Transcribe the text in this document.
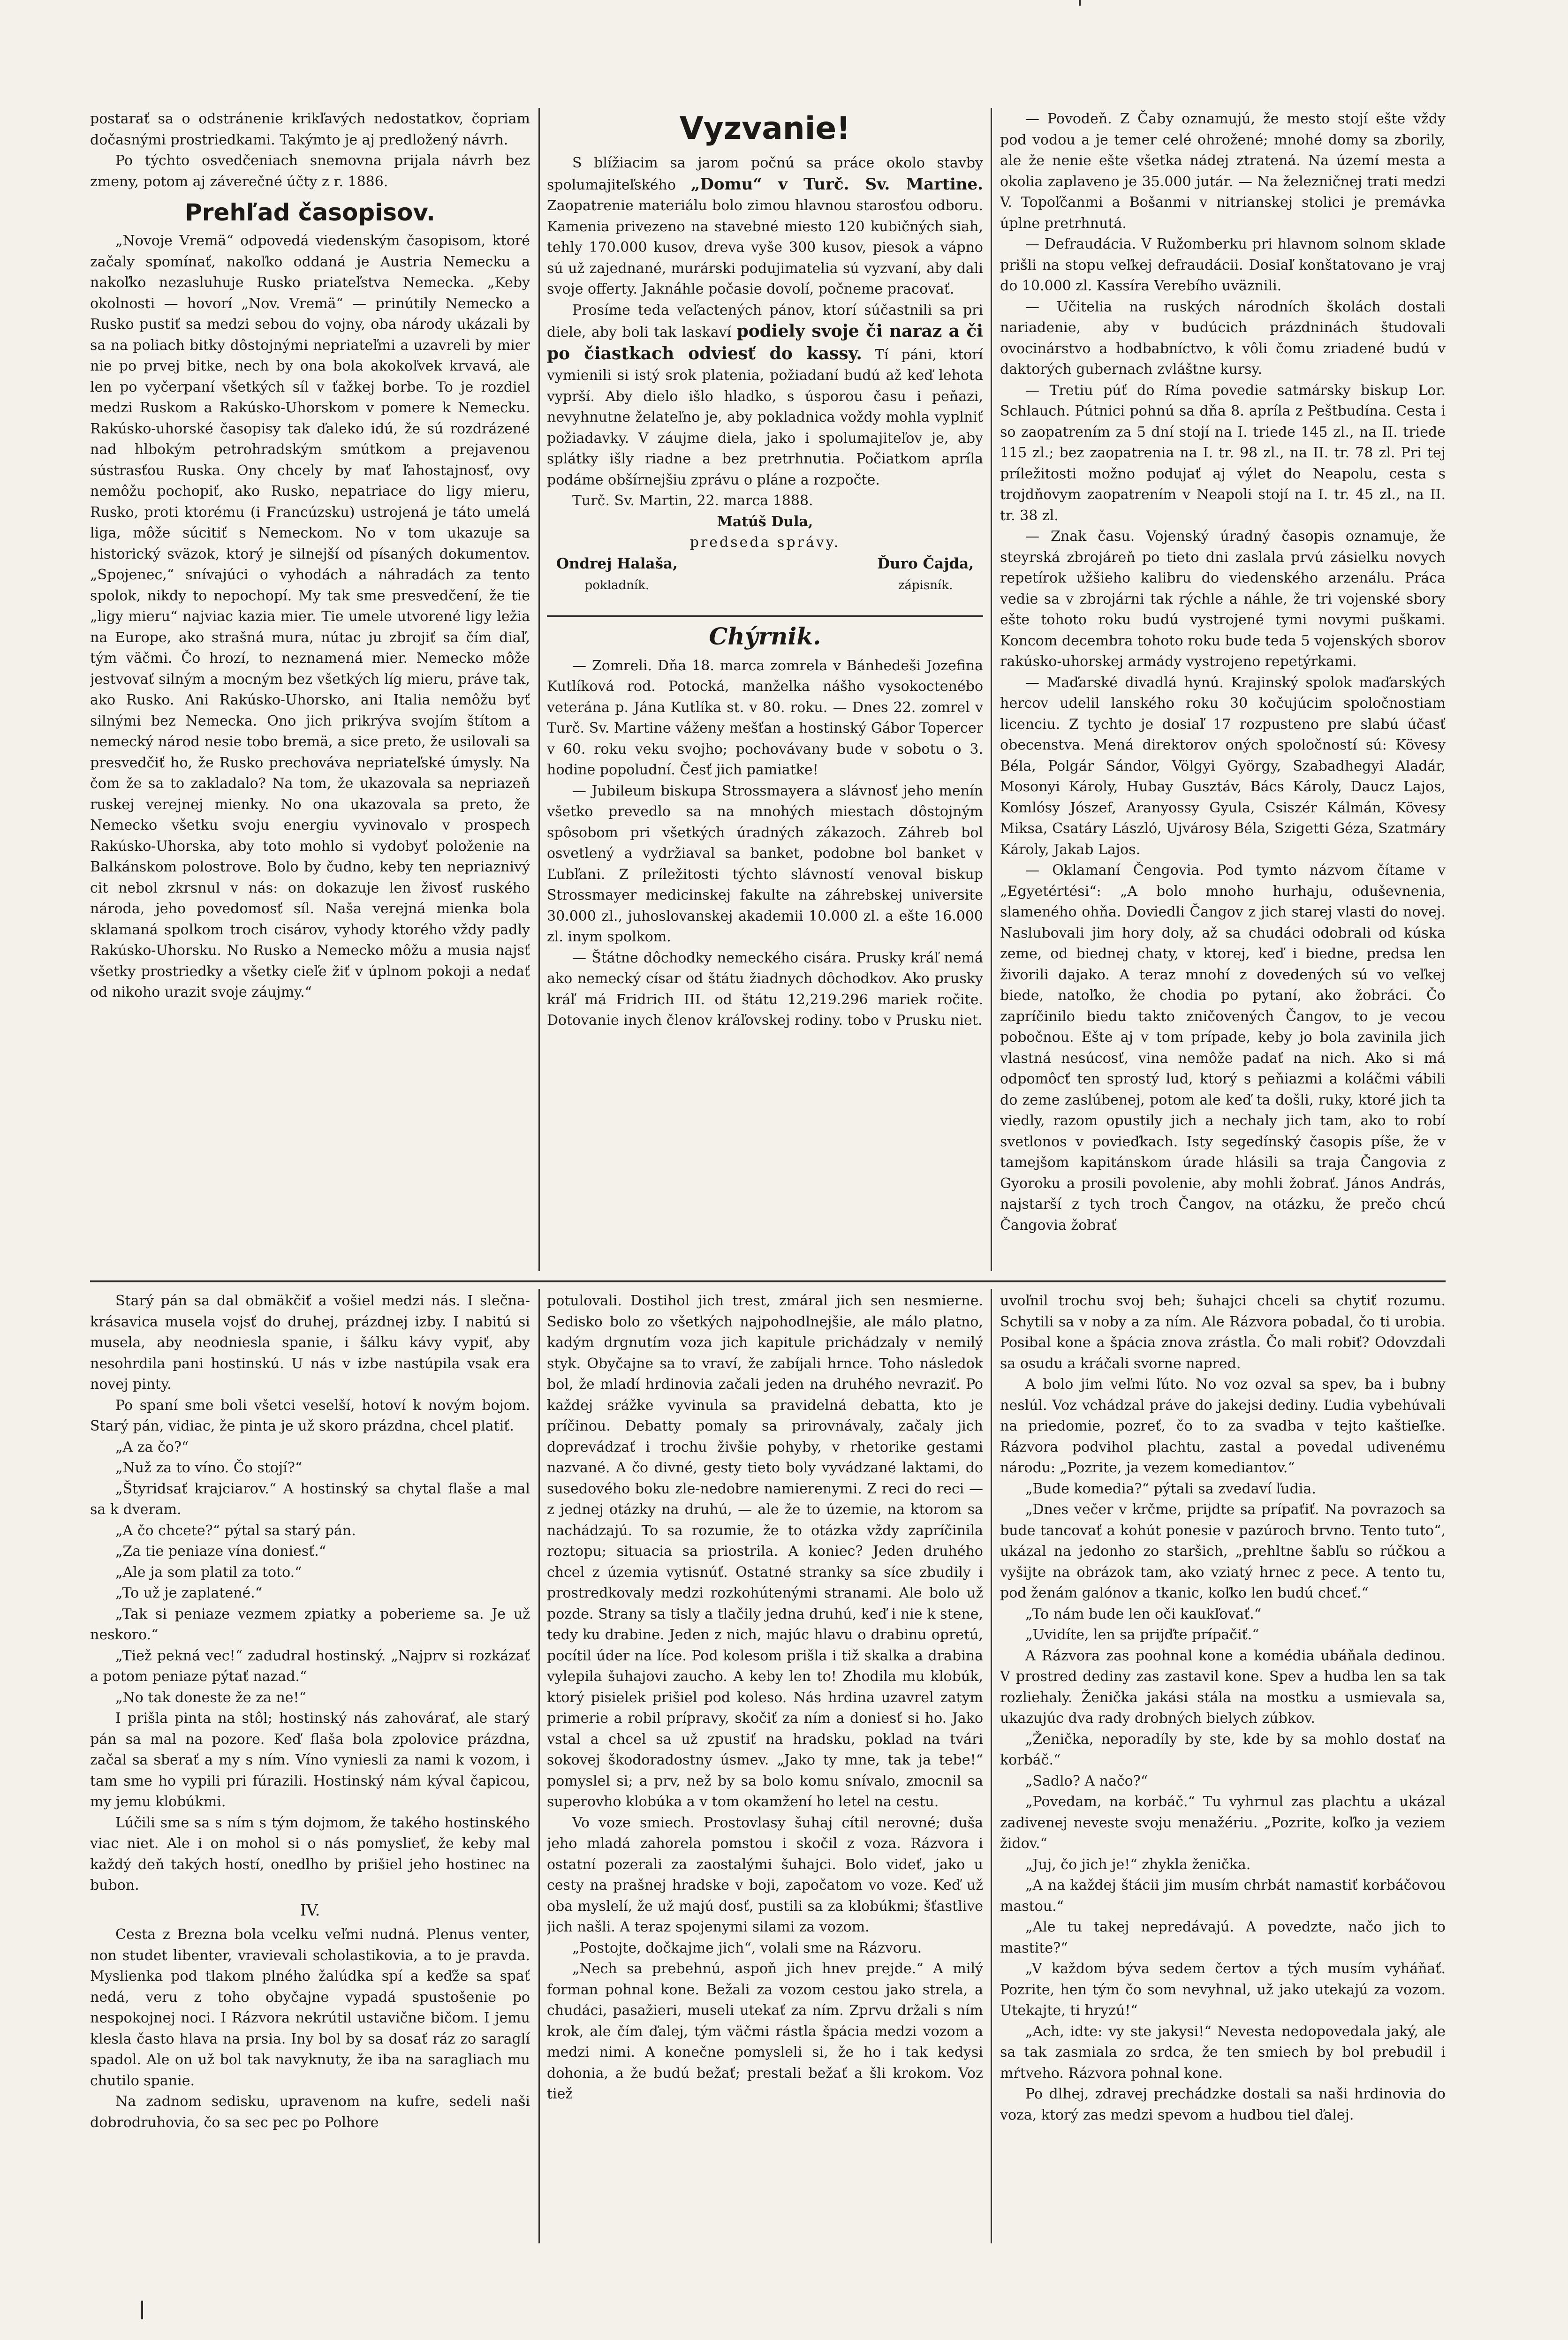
postarať sa o odstránenie krikľavých nedostatkov, čopriam dočasnými prostriedkami. Takýmto je aj predložený návrh.

Po týchto osvedčeniach snemovna prijala návrh bez zmeny, potom aj záverečné účty z r. 1886.

Prehľad časopisov.

„Novoje Vremä“ odpovedá viedenským časopisom, ktoré začaly spomínať, nakoľko oddaná je Austria Nemecku a nakoľko nezasluhuje Rusko priateľstva Nemecka. „Keby okolnosti — hovorí „Nov. Vremä“ — prinútily Nemecko a Rusko pustiť sa medzi sebou do vojny, oba národy ukázali by sa na poliach bitky dôstojnými nepriateľmi a uzavreli by mier nie po prvej bitke, nech by ona bola akokoľvek krvavá, ale len po vyčerpaní všetkých síl v ťažkej borbe. To je rozdiel medzi Ruskom a Rakúsko-Uhorskom v pomere k Nemecku. Rakúsko-uhorské časopisy tak ďaleko idú, že sú rozdrázené nad hlbokým petrohradským smútkom a prejavenou sústrasťou Ruska. Ony chcely by mať ľahostajnosť, ovy nemôžu pochopiť, ako Rusko, nepatriace do ligy mieru, Rusko, proti ktorému (i Francúzsku) ustrojená je táto umelá liga, môže súcitiť s Nemeckom. No v tom ukazuje sa historický sväzok, ktorý je silnejší od písaných dokumentov. „Spojenec,“ snívajúci o vyhodách a náhradách za tento spolok, nikdy to nepochopí. My tak sme presvedčení, že tie „ligy mieru“ najviac kazia mier. Tie umele utvorené ligy ležia na Europe, ako strašná mura, nútac ju zbrojiť sa čím diaľ, tým väčmi. Čo hrozí, to neznamená mier. Nemecko môže jestvovať silným a mocným bez všetkých líg mieru, práve tak, ako Rusko. Ani Rakúsko-Uhorsko, ani Italia nemôžu byť silnými bez Nemecka. Ono jich prikrýva svojím štítom a nemecký národ nesie tobo bremä, a sice preto, že usilovali sa presvedčiť ho, že Rusko prechováva nepriateľské úmysly. Na čom že sa to zakladalo? Na tom, že ukazovala sa nepriazeň ruskej verejnej mienky. No ona ukazovala sa preto, že Nemecko všetku svoju energiu vyvinovalo v prospech Rakúsko-Uhorska, aby toto mohlo si vydobyť položenie na Balkánskom polostrove. Bolo by čudno, keby ten nepriaznivý cit nebol zkrsnul v nás: on dokazuje len živosť ruského národa, jeho povedomosť síl. Naša verejná mienka bola sklamaná spolkom troch cisárov, vyhody ktorého vždy padly Rakúsko-Uhorsku. No Rusko a Nemecko môžu a musia najsť všetky prostriedky a všetky cieľe žiť v úplnom pokoji a nedať od nikoho urazit svoje záujmy.“

Vyzvanie!

S blížiacim sa jarom počnú sa práce okolo stavby spolumajiteľského „Domu“ v Turč. Sv. Martine. Zaopatrenie materiálu bolo zimou hlavnou starosťou odboru. Kamenia privezeno na stavebné miesto 120 kubičných siah, tehly 170.000 kusov, dreva vyše 300 kusov, piesok a vápno sú už zajednané, murárski podujimatelia sú vyzvaní, aby dali svoje offerty. Jaknáhle počasie dovolí, počneme pracovať.

Prosíme teda veľactených pánov, ktorí súčastnili sa pri diele, aby boli tak laskaví podiely svoje či naraz a či po čiastkach odviesť do kassy. Tí páni, ktorí vymienili si istý srok platenia, požiadaní budú až keď lehota vyprší. Aby dielo išlo hladko, s úsporou času i peňazi, nevyhnutne želateľno je, aby pokladnica voždy mohla vyplniť požiadavky. V záujme diela, jako i spolumajiteľov je, aby splátky išly riadne a bez pretrhnutia. Počiatkom apríla podáme obšírnejšiu zprávu o pláne a rozpočte.

Turč. Sv. Martin, 22. marca 1888.

Matúš Dula,

predseda správy.

Ondrej Halaša,
pokladník.
Ďuro Čajda,
zápisník.

Chýrnik.

— Zomreli. Dňa 18. marca zomrela v Bánhedeši Jozefina Kutlíková rod. Potocká, manželka nášho vysokoctenébo veterána p. Jána Kutlíka st. v 80. roku. — Dnes 22. zomrel v Turč. Sv. Martine váženy mešťan a hostinský Gábor Topercer v 60. roku veku svojho; pochovávany bude v sobotu o 3. hodine popoludní. Česť jich pamiatke!

— Jubileum biskupa Strossmayera a slávnosť jeho menín všetko prevedlo sa na mnohých miestach dôstojným spôsobom pri všetkých úradných zákazoch. Záhreb bol osvetlený a vydržiaval sa banket, podobne bol banket v Ľubľani. Z príležitosti týchto slávností venoval biskup Strossmayer medicinskej fakulte na záhrebskej universite 30.000 zl., juhoslovanskej akademii 10.000 zl. a ešte 16.000 zl. inym spolkom.

— Štátne dôchodky nemeckého cisára. Prusky kráľ nemá ako nemecký císar od štátu žiadnych dôchodkov. Ako prusky kráľ má Fridrich III. od štátu 12,219.296 mariek ročite. Dotovanie inych členov kráľovskej rodiny. tobo v Prusku niet.

— Povodeň. Z Čaby oznamujú, že mesto stojí ešte vždy pod vodou a je temer celé ohrožené; mnohé domy sa zborily, ale že nenie ešte všetka nádej ztratená. Na území mesta a okolia zaplaveno je 35.000 jutár. — Na železničnej trati medzi V. Topoľčanmi a Bošanmi v nitrianskej stolici je premávka úplne pretrhnutá.

— Defraudácia. V Ružomberku pri hlavnom solnom sklade prišli na stopu veľkej defraudácii. Dosiaľ konštatovano je vraj do 10.000 zl. Kassíra Verebího uväznili.

— Učitelia na ruských národních školách dostali nariadenie, aby v budúcich prázdninách študovali ovocinárstvo a hodbabníctvo, k vôli čomu zriadené budú v daktorých gubernach zvláštne kursy.

— Tretiu púť do Ríma povedie satmársky biskup Lor. Schlauch. Pútnici pohnú sa dňa 8. apríla z Peštbudína. Cesta i so zaopatrením za 5 dní stojí na I. triede 145 zl., na II. triede 115 zl.; bez zaopatrenia na I. tr. 98 zl., na II. tr. 78 zl. Pri tej príležitosti možno podujať aj výlet do Neapolu, cesta s trojdňovym zaopatrením v Neapoli stojí na I. tr. 45 zl., na II. tr. 38 zl.

— Znak času. Vojenský úradný časopis oznamuje, že steyrská zbrojáreň po tieto dni zaslala prvú zásielku novych repetírok užšieho kalibru do viedenského arzenálu. Práca vedie sa v zbrojárni tak rýchle a náhle, že tri vojenské sbory ešte tohoto roku budú vystrojené tymi novymi puškami. Koncom decembra tohoto roku bude teda 5 vojenských sborov rakúsko-uhorskej armády vystrojeno repetýrkami.

— Maďarské divadlá hynú. Krajinský spolok maďarských hercov udelil lanského roku 30 kočujúcim spoločnostiam licenciu. Z tychto je dosiaľ 17 rozpustenо pre slabú účasť obecenstva. Mená direktorov oných spoločností sú: Kövesy Béla, Polgár Sándor, Völgyi György, Szabadhegyi Aladár, Mosonyi Károly, Hubay Gusztáv, Bács Károly, Daucz Lajos, Komlósy Jószef, Aranyossy Gyula, Csiszér Kálmán, Kövesy Miksa, Csatáry László, Ujvárosy Béla, Szigetti Géza, Szatmáry Károly, Jakab Lajos.

— Oklamaní Čengovia. Pod tymto názvom čítame v „Egyetértési“: „A bolo mnoho hurhaju, oduševnenia, slameného ohňa. Doviedli Čangov z jich starej vlasti do novej. Naslubovali jim hory doly, až sa chudáci odobrali od kúska zeme, od biednej chaty, v ktorej, keď i biedne, predsa len živorili dajako. A teraz mnohí z dovedených sú vo veľkej biede, natoľko, že chodia po pytaní, ako žobráci. Čo zapríčinilo biedu takto zničovených Čangov, to je vecou pobočnou. Ešte aj v tom prípade, keby jo bola zavinila jich vlastná nesúcosť, vina nemôže padať na nich. Ako si má odpomôcť ten sprostý lud, ktorý s peňiazmi a koláčmi vábili do zeme zaslúbenej, potom ale keď ta došli, ruky, ktoré jich ta viedly, razom opustily jich a nechaly jich tam, ako to robí svetlonos v povieďkach. Isty segedínský časopis píše, že v tamejšom kapitánskom úrade hlásili sa traja Čangovia z Gyoroku a prosili povolenie, aby mohli žobrať. János András, najstarší z tych troch Čangov, na otázku, že prečo chcú Čangovia žobrať

Starý pán sa dal obmäkčiť a vošiel medzi nás. I slečna-krásavica musela vojsť do druhej, prázdnej izby. I nabitú si musela, aby neodniesla spanie, i šálku kávy vypiť, aby nesohrdila pani hostinskú. U nás v izbe nastúpila vsak era novej pinty.

Po spaní sme boli všetci veselší, hotoví k novým bojom. Starý pán, vidiac, že pinta je už skoro prázdna, chcel platiť.

„A za čo?“

„Nuž za to víno. Čo stojí?“

„Štyridsať krajciarov.“ A hostinský sa chytal flaše a mal sa k dveram.

„A čo chcete?“ pýtal sa starý pán.

„Za tie peniaze vína doniesť.“

„Ale ja som platil za toto.“

„To už je zaplatené.“

„Tak si peniaze vezmem zpiatky a poberieme sa. Je už neskoro.“

„Tiež pekná vec!“ zadudral hostinský. „Najprv si rozkázať a potom peniaze pýtať nazad.“

„No tak doneste že za ne!“

I prišla pinta na stôl; hostinský nás zahovárať, ale starý pán sa mal na pozore. Keď flaša bola zpolovice prázdna, začal sa sberať a my s ním. Víno vyniesli za nami k vozom, i tam sme ho vypili pri fúrazili. Hostinský nám kýval čapicou, my jemu klobúkmi.

Lúčili sme sa s ním s tým dojmom, že takého hostinského viac niet. Ale i on mohol si o nás pomyslieť, že keby mal každý deň takých hostí, onedlho by prišiel jeho hostinec na bubon.

IV.

Cesta z Brezna bola vcelku veľmi nudná. Plenus venter, non studet libenter, vravievali scholastikovia, a to je pravda. Myslienka pod tlakom plného žalúdka spí a keďže sa spať nedá, veru z toho obyčajne vypadá spustošenie po nespokojnej noci. I Rázvora nekrútil ustavične bičom. I jemu klesla často hlava na prsia. Iny bol by sa dosať ráz zo saraglí spadol. Ale on už bol tak navyknuty, že iba na saragliach mu chutilo spanie.

Na zadnom sedisku, upravenom na kufre, sedeli naši dobrodruhovia, čo sa sec pec po Polhore

potulovali. Dostihol jich trest, zmáral jich sen nesmierne. Sedisko bolo zo všetkých najpohodlnejšie, ale málo platno, kadým drgnutím voza jich kapitule prichádzaly v nemilý styk. Obyčajne sa to vraví, že zabíjali hrnce. Toho následok bol, že mladí hrdinovia začali jeden na druhého nevraziť. Po každej srážke vyvinula sa pravidelná debatta, kto je príčinou. Debatty pomaly sa prirovnávaly, začaly jich doprevádzať i trochu živšie pohyby, v rhetorike gestami nazvané. A čo divné, gesty tieto boly vyvádzané laktami, do susedového boku zle-nedobre namierenymi. Z reci do reci — z jednej otázky na druhú, — ale že to územie, na ktorom sa nachádzajú. To sa rozumie, že to otázka vždy zapríčinila roztopu; situacia sa priostrila. A koniec? Jeden druhého chcel z územia vytisnúť. Ostatné stranky sa síce zbudily i prostredkovaly medzi rozkohútenými stranami. Ale bolo už pozde. Strany sa tisly a tlačily jedna druhú, keď i nie k stene, tedy ku drabine. Jeden z nich, majúc hlavu o drabinu opretú, pocítil úder na líce. Pod kolesom prišla i tiž skalka a drabina vylepila šuhajovi zaucho. A keby len to! Zhodila mu klobúk, ktorý pisielek prišiel pod koleso. Nás hrdina uzavrel zatym primerie a robil prípravy, skočiť za ním a doniesť si ho. Jako vstal a chcel sa už zpustiť na hradsku, poklad na tvári sokovej škodoradostny úsmev. „Jako ty mne, tak ja tebe!“ pomyslel si; a prv, než by sa bolo komu snívalo, zmocnil sa superovho klobúka a v tom okamžení ho letel na cestu.

Vo voze smiech. Prostovlasy šuhaj cítil nerovné; duša jeho mladá zahorela pomstou i skočil z voza. Rázvora i ostatní pozerali za zaostalými šuhajci. Bolo videť, jako u cesty na prašnej hradske v boji, započatom vo voze. Keď už oba myslelí, že už majú dosť, pustili sa za klobúkmi; šťastlive jich našli. A teraz spojenymi silami za vozom.

„Postojte, dočkajme jich“, volali sme na Rázvoru.

„Nech sa prebehnú, aspoň jich hnev prejde.“ A milý forman pohnal kone. Bežali za vozom cestou jako strela, a chudáci, pasažieri, museli utekať za ním. Zprvu držali s ním krok, ale čím ďalej, tým väčmi rástla špácia medzi vozom a medzi nimi. A konečne pomysleli si, že ho i tak kedysi dohonia, a že budú bežať; prestali bežať a šli krokom. Voz tiež

uvoľnil trochu svoj beh; šuhajci chceli sa chytiť rozumu. Schytili sa v noby a za ním. Ale Rázvora pobadal, čo ti urobia. Posibal kone a špácia znova zrástla. Čo mali robiť? Odovzdali sa osudu a kráčali svorne napred.

A bolo jim veľmi ľúto. No voz ozval sa spev, ba i bubny neslúl. Voz vchádzal práve do jakejsi dediny. Ľudia vybehúvali na priedomie, pozreť, čo to za svadba v tejto kaštieľke. Rázvora podvihol plachtu, zastal a povedal udivenému národu: „Pozrite, ja vezem komediantov.“

„Bude komedia?“ pýtali sa zvedaví ľudia.

„Dnes večer v krčme, prijdte sa prípaťiť. Na povrazoch sa bude tancovať a kohút ponesie v pazúroch brvno. Tento tuto“, ukázal na jedonho zo staršich, „prehltne šabľu so rúčkou a vyšijte na obrázok tam, ako vziatý hrnec z pece. A tento tu, pod ženám galónov a tkanic, koľko len budú chceť.“

„To nám bude len oči kaukľovať.“

„Uvidíte, len sa prijďte prípačiť.“

A Rázvora zas poohnal kone a komédia ubáňala dedinou. V prostred dediny zas zastavil kone. Spev a hudba len sa tak rozliehaly. Ženička jakási stála na mostku a usmievala sa, ukazujúc dva rady drobných bielych zúbkov.

„Ženička, neporadíly by ste, kde by sa mohlo dostať na korbáč.“

„Sadlo? A načo?“

„Povedam, na korbáč.“ Tu vyhrnul zas plachtu a ukázal zadivenej neveste svoju menažériu. „Pozrite, koľko ja veziem židov.“

„Juj, čo jich je!“ zhykla ženička.

„A na každej štácii jim musím chrbát namastiť korbáčovou mastou.“

„Ale tu takej nepredávajú. A povedzte, načo jich to mastite?“

„V každom býva sedem čertov a tých musím vyháňať. Pozrite, hen tým čo som nevyhnal, už jako utekajú za vozom. Utekajte, ti hryzú!“

„Ach, idte: vy ste jakysi!“ Nevesta nedopovedala jaký, ale sa tak zasmiala zo srdca, že ten smiech by bol prebudil i mŕtveho. Rázvora pohnal kone.

Po dlhej, zdravej prechádzke dostali sa naši hrdinovia do voza, ktorý zas medzi spevom a hudbou tiel ďalej.
